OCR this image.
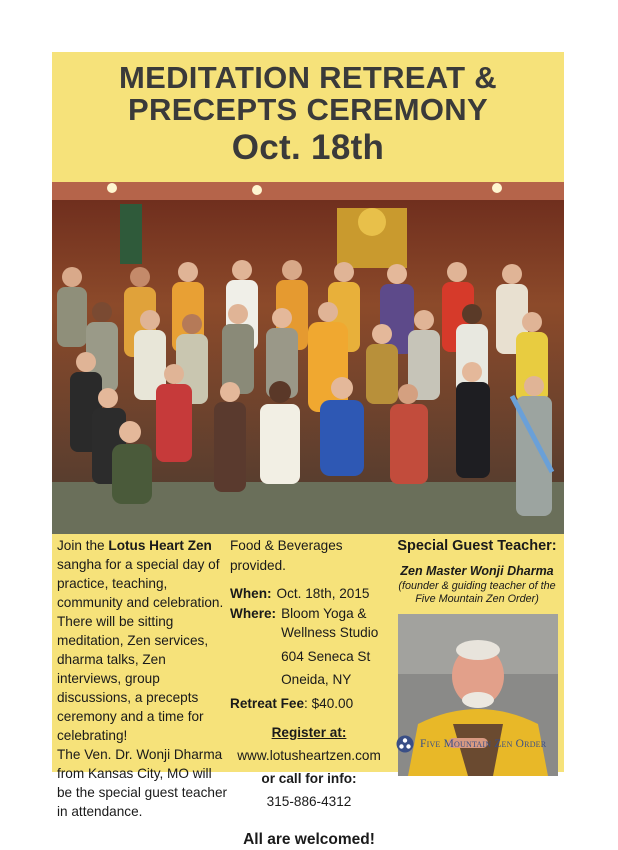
MEDITATION RETREAT &
PRECEPTS CEREMONY
Oct. 18th

Join the Lotus Heart Zen sangha for a special day of practice, teaching, community and celebration. There will be sitting meditation, Zen services, dharma talks, Zen interviews, group discussions, a precepts ceremony and a time for celebrating!

The Ven. Dr. Wonji Dharma from Kansas City, MO will be the special guest teacher in attendance.

Food & Beverages provided.
When: Oct. 18th, 2015
Where: Bloom Yoga &
Wellness Studio
604 Seneca St
Oneida, NY
Retreat Fee: $40.00
Register at:
www.lotusheartzen.com
or call for info:
315-886-4312
All are welcomed!
Special Guest Teacher:
Zen Master Wonji Dharma
(founder & guiding teacher of the Five Mountain Zen Order)
Five Mountain Zen Order
